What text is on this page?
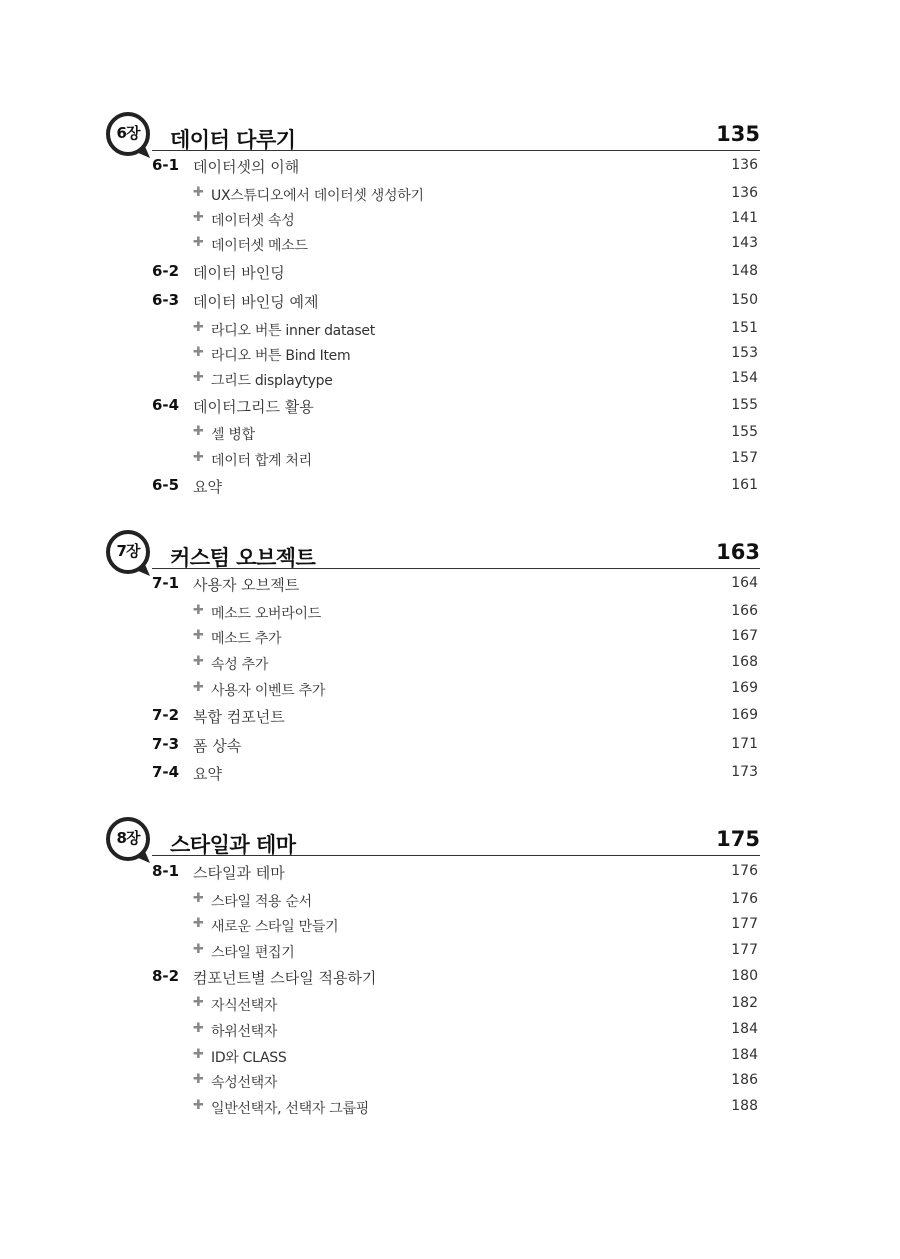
6장	데이터 다루기	135
6-1 데이터셋의 이해	136
✚ UX스튜디오에서 데이터셋 생성하기	136
✚ 데이터셋 속성	141
✚ 데이터셋 메소드	143
6-2 데이터 바인딩	148
6-3 데이터 바인딩 예제	150
✚ 라디오 버튼 inner dataset	151
✚ 라디오 버튼 Bind Item	153
✚ 그리드 displaytype	154
6-4 데이터그리드 활용	155
✚ 셀 병합	155
✚ 데이터 합계 처리	157
6-5 요약	161
7장	커스텀 오브젝트	163
7-1 사용자 오브젝트	164
✚ 메소드 오버라이드	166
✚ 메소드 추가	167
✚ 속성 추가	168
✚ 사용자 이벤트 추가	169
7-2 복합 컴포넌트	169
7-3 폼 상속	171
7-4 요약	173
8장	스타일과 테마	175
8-1 스타일과 테마	176
✚ 스타일 적용 순서	176
✚ 새로운 스타일 만들기	177
✚ 스타일 편집기	177
8-2 컴포넌트별 스타일 적용하기	180
✚ 자식선택자	182
✚ 하위선택자	184
✚ ID와 CLASS	184
✚ 속성선택자	186
✚ 일반선택자, 선택자 그룹핑	188
